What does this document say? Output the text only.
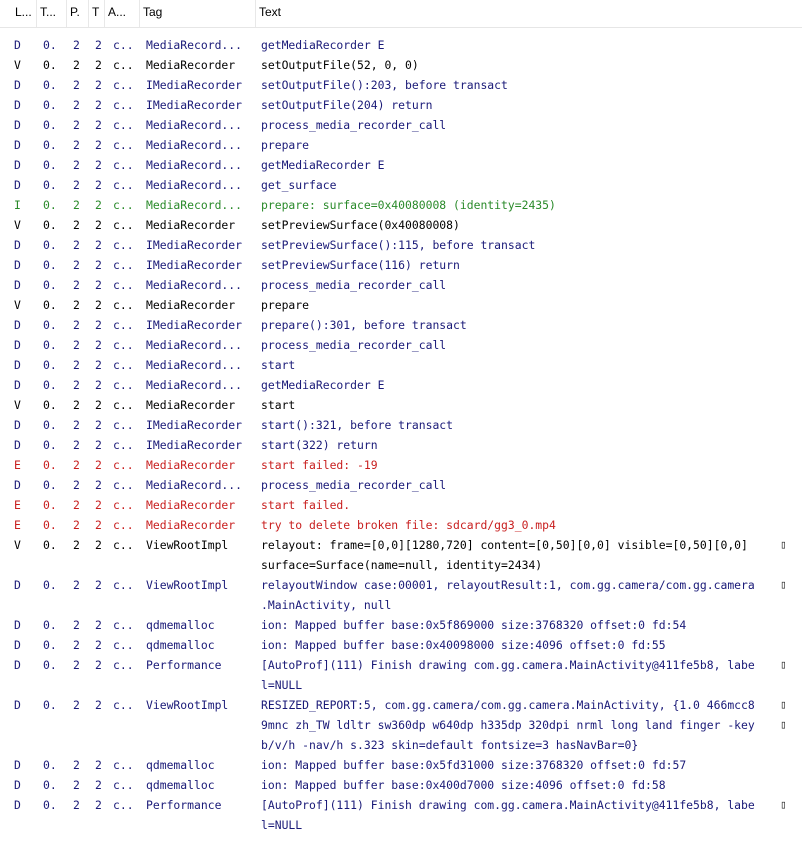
L... T...	P.	T A...	Tag	Text
D	0. 2	2 c..	MediaRecord...	getMediaRecorder E
V	0. 2	2 c..	MediaRecorder	setOutputFile(52, 0, 0)
D	0. 2	2 c..	IMediaRecorder	setOutputFile():203, before transact
D	0. 2	2 c..	IMediaRecorder	setOutputFile(204) return
D	0. 2	2 c..	MediaRecord...	process_media_recorder_call
D	0. 2	2 c..	MediaRecord...	prepare
D	0. 2	2 c..	MediaRecord...	getMediaRecorder E
D	0. 2	2 c..	MediaRecord...	get_surface
I	0. 2	2 c..	MediaRecord...	prepare: surface=0x40080008 (identity=2435)
V	0. 2	2 c..	MediaRecorder	setPreviewSurface(0x40080008)
D	0. 2	2 c..	IMediaRecorder	setPreviewSurface():115, before transact
D	0. 2	2 c..	IMediaRecorder	setPreviewSurface(116) return
D	0. 2	2 c..	MediaRecord...	process_media_recorder_call
V	0. 2	2 c..	MediaRecorder	prepare
D	0. 2	2 c..	IMediaRecorder	prepare():301, before transact
D	0. 2	2 c..	MediaRecord...	process_media_recorder_call
D	0. 2	2 c..	MediaRecord...	start
D	0. 2	2 c..	MediaRecord...	getMediaRecorder E
V	0. 2	2 c..	MediaRecorder	start
D	0. 2	2 c..	IMediaRecorder	start():321, before transact
D	0. 2	2 c..	IMediaRecorder	start(322) return
E	0. 2	2 c..	MediaRecorder	start failed: -19
D	0. 2	2 c..	MediaRecord...	process_media_recorder_call
E	0. 2	2 c..	MediaRecorder	start failed.
E	0. 2	2 c..	MediaRecorder	try to delete broken file: sdcard/gg3_0.mp4
V	0. 2	2 c..	ViewRootImpl	relayout: frame=[0,0][1280,720] content=[0,50][0,0] visible=[0,50][0,0]	▯
surface=Surface(name=null, identity=2434)
D	0. 2	2 c..	ViewRootImpl	relayoutWindow case:00001, relayoutResult:1, com.gg.camera/com.gg.camera	▯
.MainActivity, null
D	0. 2	2 c..	qdmemalloc	ion: Mapped buffer base:0x5f869000 size:3768320 offset:0 fd:54
D	0. 2	2 c..	qdmemalloc	ion: Mapped buffer base:0x40098000 size:4096 offset:0 fd:55
D	0. 2	2 c..	Performance	[AutoProf](111) Finish drawing com.gg.camera.MainActivity@411fe5b8, labe	▯
l=NULL
D	0. 2	2 c..	ViewRootImpl	RESIZED_REPORT:5, com.gg.camera/com.gg.camera.MainActivity, {1.0 466mcc8	▯
9mnc zh_TW ldltr sw360dp w640dp h335dp 320dpi nrml long land finger -key	▯
b/v/h -nav/h s.323 skin=default fontsize=3 hasNavBar=0}
D	0. 2	2 c..	qdmemalloc	ion: Mapped buffer base:0x5fd31000 size:3768320 offset:0 fd:57
D	0. 2	2 c..	qdmemalloc	ion: Mapped buffer base:0x400d7000 size:4096 offset:0 fd:58
D	0. 2	2 c..	Performance	[AutoProf](111) Finish drawing com.gg.camera.MainActivity@411fe5b8, labe	▯
l=NULL
